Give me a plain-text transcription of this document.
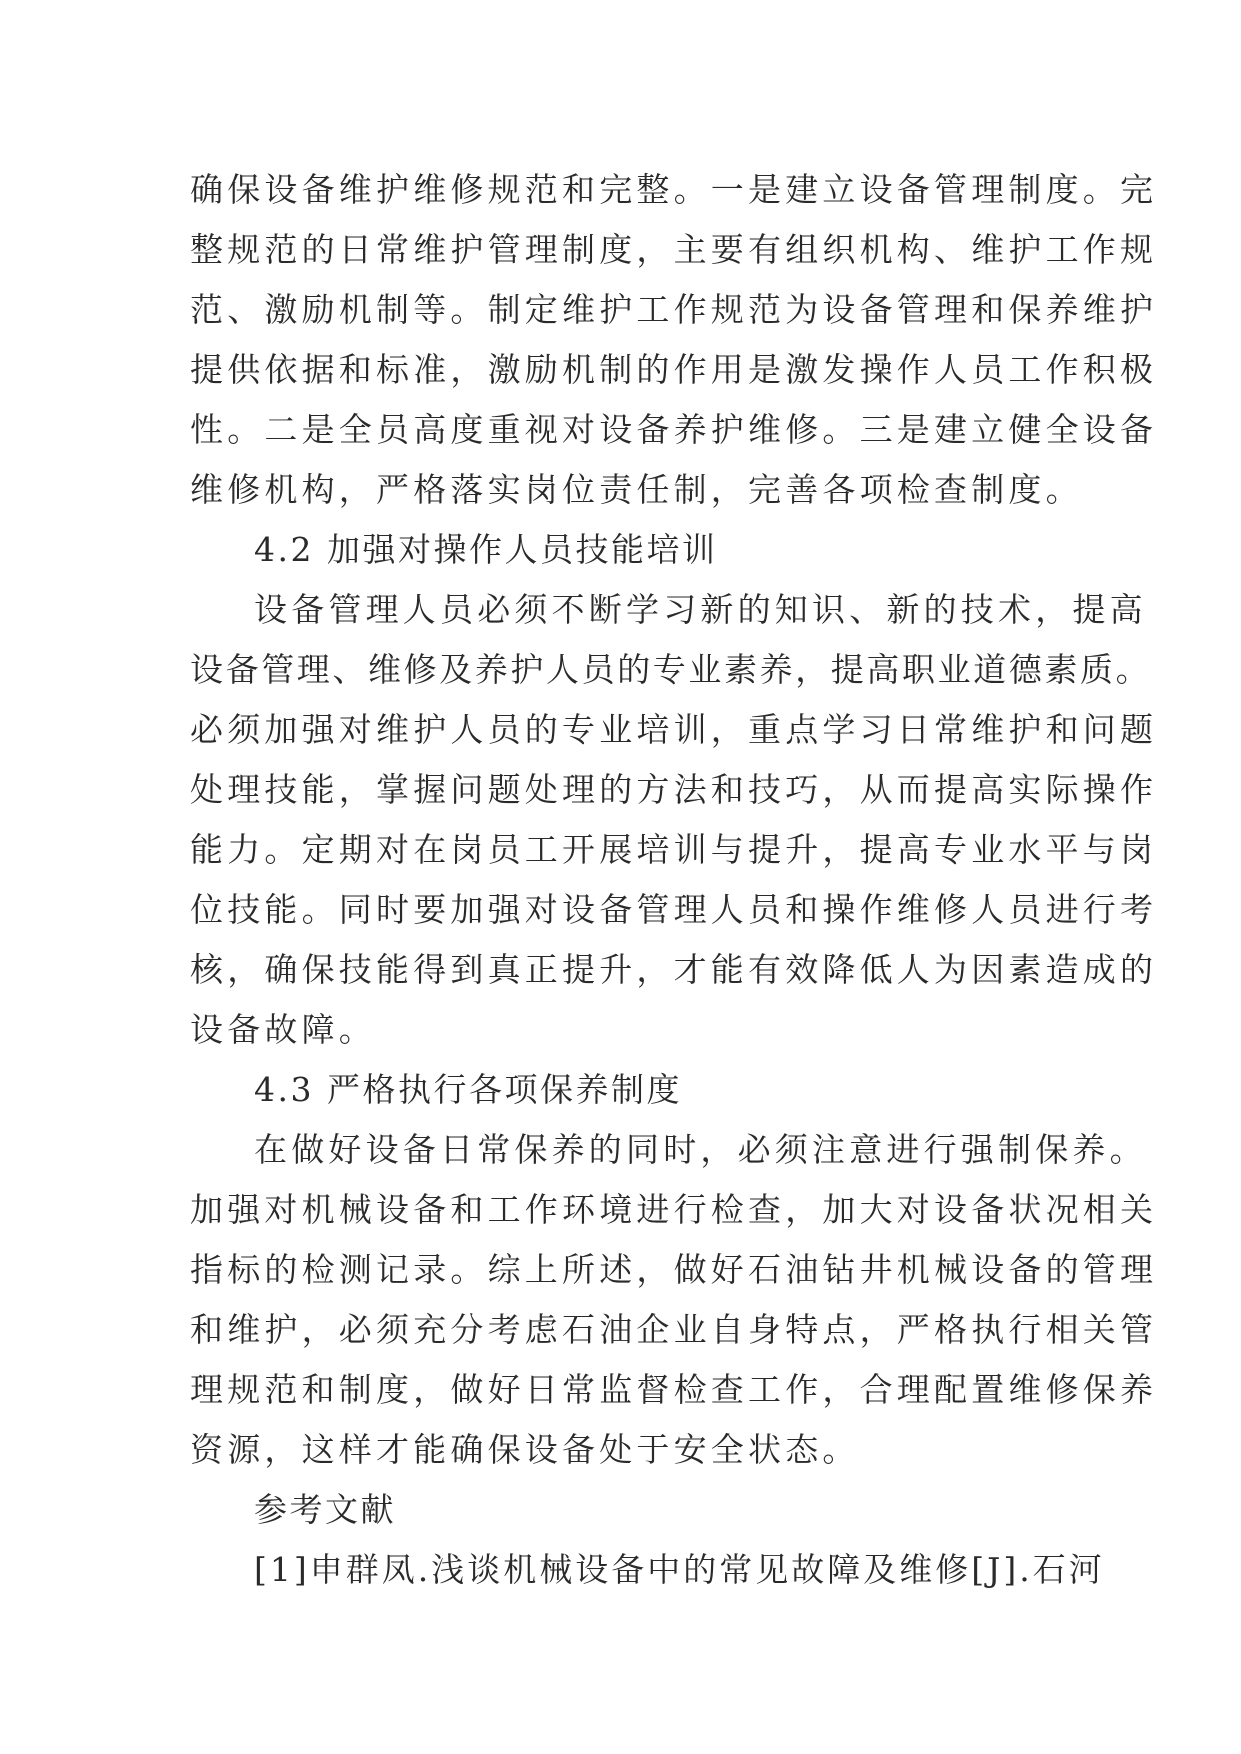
确保设备维护维修规范和完整。一是建立设备管理制度。完

整规范的日常维护管理制度，主要有组织机构、维护工作规

范、激励机制等。制定维护工作规范为设备管理和保养维护

提供依据和标准，激励机制的作用是激发操作人员工作积极

性。二是全员高度重视对设备养护维修。三是建立健全设备

维修机构，严格落实岗位责任制，完善各项检查制度。

4.2 加强对操作人员技能培训

设备管理人员必须不断学习新的知识、新的技术，提高

设备管理、维修及养护人员的专业素养，提高职业道德素质。

必须加强对维护人员的专业培训，重点学习日常维护和问题

处理技能，掌握问题处理的方法和技巧，从而提高实际操作

能力。定期对在岗员工开展培训与提升，提高专业水平与岗

位技能。同时要加强对设备管理人员和操作维修人员进行考

核，确保技能得到真正提升，才能有效降低人为因素造成的

设备故障。

4.3 严格执行各项保养制度

在做好设备日常保养的同时，必须注意进行强制保养。

加强对机械设备和工作环境进行检查，加大对设备状况相关

指标的检测记录。综上所述，做好石油钻井机械设备的管理

和维护，必须充分考虑石油企业自身特点，严格执行相关管

理规范和制度，做好日常监督检查工作，合理配置维修保养

资源，这样才能确保设备处于安全状态。

参考文献

[1]申群凤.浅谈机械设备中的常见故障及维修[J].石河
